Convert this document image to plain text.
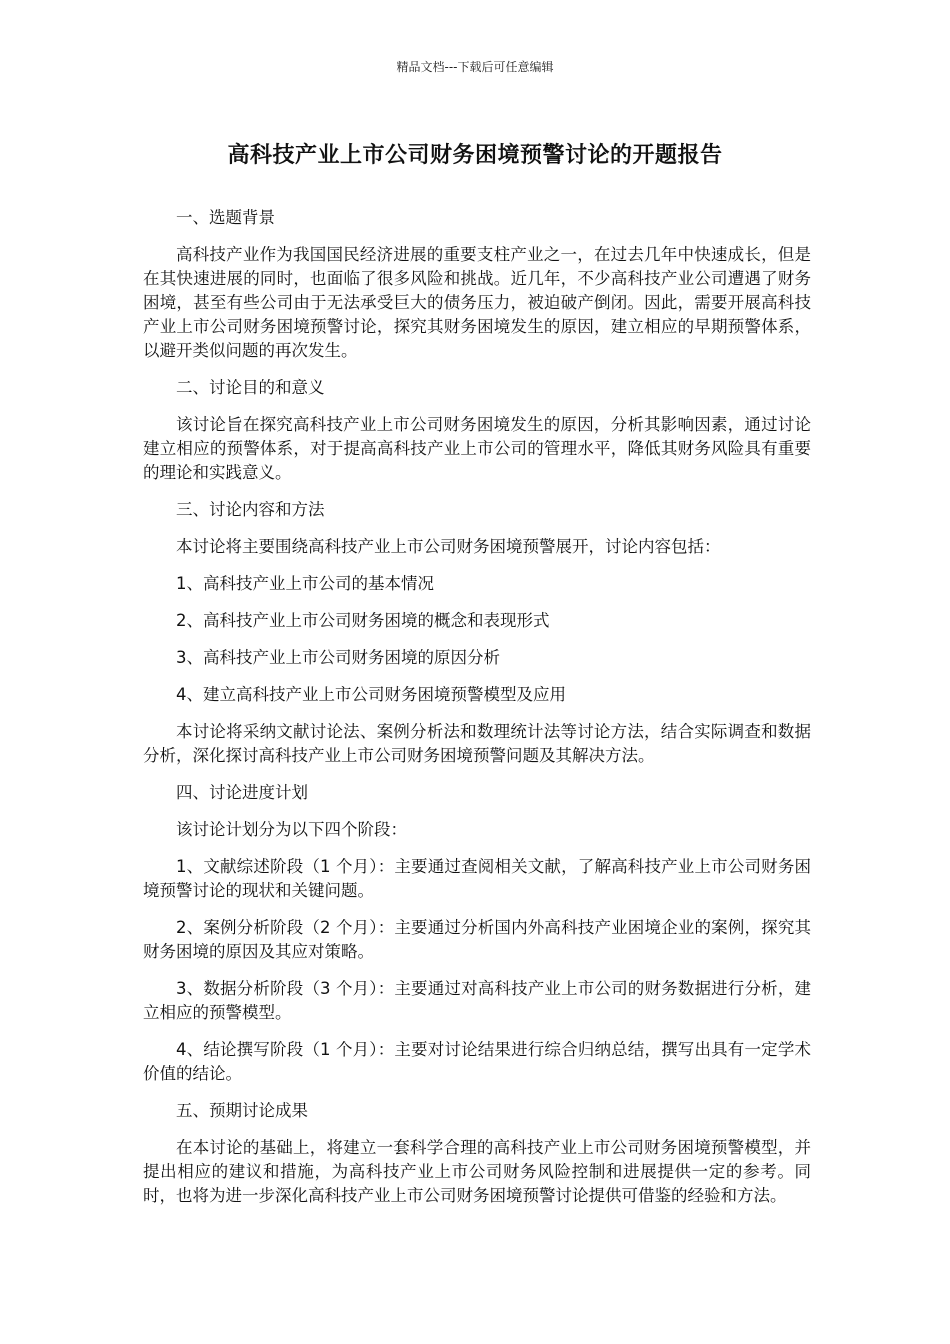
精品文档---下载后可任意编辑
高科技产业上市公司财务困境预警讨论的开题报告
一、选题背景
高科技产业作为我国国民经济进展的重要支柱产业之一，在过去几年中快速成长，但是在其快速进展的同时，也面临了很多风险和挑战。近几年，不少高科技产业公司遭遇了财务困境，甚至有些公司由于无法承受巨大的债务压力，被迫破产倒闭。因此，需要开展高科技产业上市公司财务困境预警讨论，探究其财务困境发生的原因，建立相应的早期预警体系，以避开类似问题的再次发生。
二、讨论目的和意义
该讨论旨在探究高科技产业上市公司财务困境发生的原因，分析其影响因素，通过讨论建立相应的预警体系，对于提高高科技产业上市公司的管理水平，降低其财务风险具有重要的理论和实践意义。
三、讨论内容和方法
本讨论将主要围绕高科技产业上市公司财务困境预警展开，讨论内容包括：
1、高科技产业上市公司的基本情况
2、高科技产业上市公司财务困境的概念和表现形式
3、高科技产业上市公司财务困境的原因分析
4、建立高科技产业上市公司财务困境预警模型及应用
本讨论将采纳文献讨论法、案例分析法和数理统计法等讨论方法，结合实际调查和数据分析，深化探讨高科技产业上市公司财务困境预警问题及其解决方法。
四、讨论进度计划
该讨论计划分为以下四个阶段：
1、文献综述阶段（1 个月）：主要通过查阅相关文献，了解高科技产业上市公司财务困境预警讨论的现状和关键问题。
2、案例分析阶段（2 个月）：主要通过分析国内外高科技产业困境企业的案例，探究其财务困境的原因及其应对策略。
3、数据分析阶段（3 个月）：主要通过对高科技产业上市公司的财务数据进行分析，建立相应的预警模型。
4、结论撰写阶段（1 个月）：主要对讨论结果进行综合归纳总结，撰写出具有一定学术价值的结论。
五、预期讨论成果
在本讨论的基础上，将建立一套科学合理的高科技产业上市公司财务困境预警模型，并提出相应的建议和措施，为高科技产业上市公司财务风险控制和进展提供一定的参考。同时，也将为进一步深化高科技产业上市公司财务困境预警讨论提供可借鉴的经验和方法。
